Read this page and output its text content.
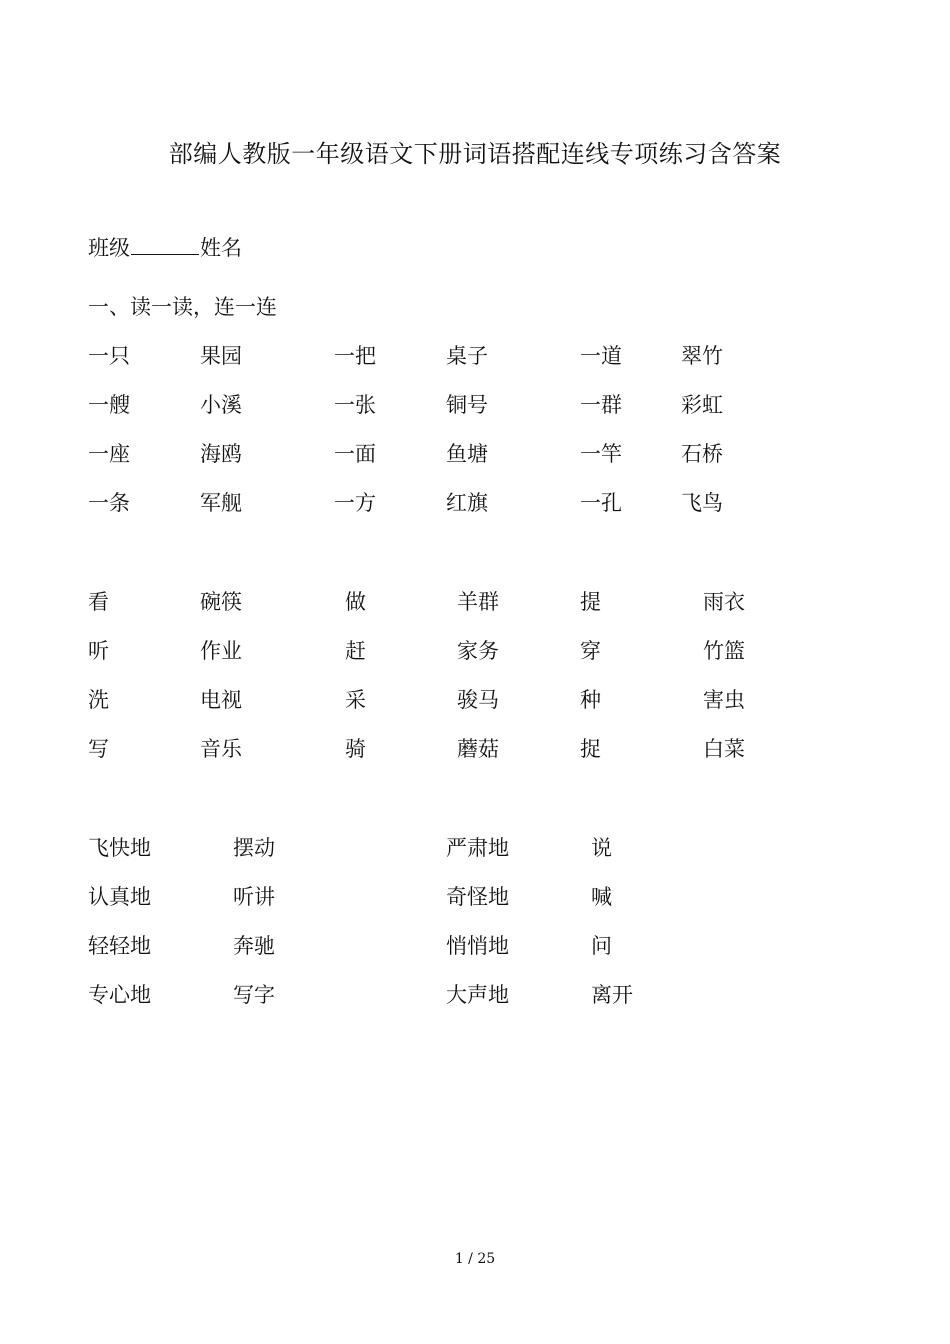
部编人教版一年级语文下册词语搭配连线专项练习含答案
班级	姓名
一、读一读，连一连
一只	果园	一把	桌子	一道	翠竹
一艘	小溪	一张	铜号	一群	彩虹
一座	海鸥	一面	鱼塘	一竿	石桥
一条	军舰	一方	红旗	一孔	飞鸟
看	碗筷	做	羊群	提	雨衣
听	作业	赶	家务	穿	竹篮
洗	电视	采	骏马	种	害虫
写	音乐	骑	蘑菇	捉	白菜
飞快地	摆动	严肃地	说
认真地	听讲	奇怪地	喊
轻轻地	奔驰	悄悄地	问
专心地	写字	大声地	离开
1 / 25
